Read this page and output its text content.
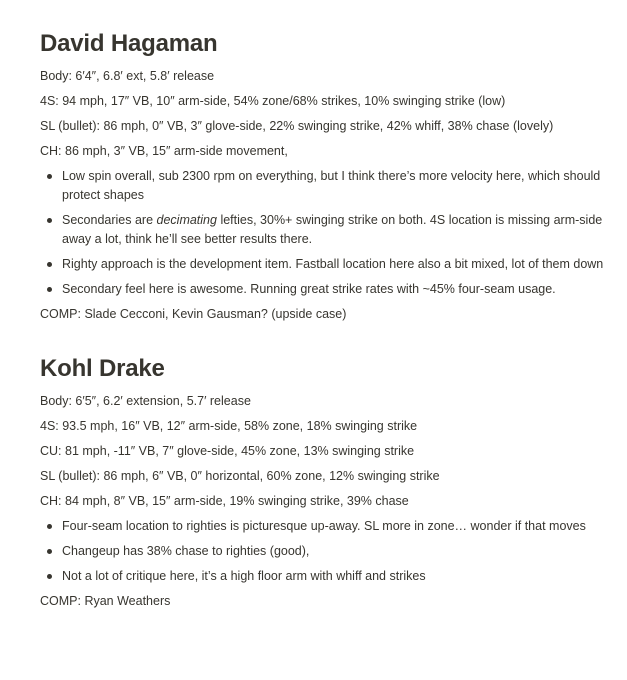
David Hagaman

Body: 6′4″, 6.8′ ext, 5.8′ release

4S: 94 mph, 17″ VB, 10″ arm-side, 54% zone/68% strikes, 10% swinging strike (low)

SL (bullet): 86 mph, 0″ VB, 3″ glove-side, 22% swinging strike, 42% whiff, 38% chase (lovely)

CH: 86 mph, 3″ VB, 15″ arm-side movement,

Low spin overall, sub 2300 rpm on everything, but I think there’s more velocity here, which should protect shapes
Secondaries are decimating lefties, 30%+ swinging strike on both. 4S location is missing arm-side away a lot, think he’ll see better results there.
Righty approach is the development item. Fastball location here also a bit mixed, lot of them down
Secondary feel here is awesome. Running great strike rates with ~45% four-seam usage.

COMP: Slade Cecconi, Kevin Gausman? (upside case)

Kohl Drake

Body: 6′5″, 6.2′ extension, 5.7′ release

4S: 93.5 mph, 16″ VB, 12″ arm-side, 58% zone, 18% swinging strike

CU: 81 mph, -11″ VB, 7″ glove-side, 45% zone, 13% swinging strike

SL (bullet): 86 mph, 6″ VB, 0″ horizontal, 60% zone, 12% swinging strike

CH: 84 mph, 8″ VB, 15″ arm-side, 19% swinging strike, 39% chase

Four-seam location to righties is picturesque up-away. SL more in zone… wonder if that moves
Changeup has 38% chase to righties (good),
Not a lot of critique here, it’s a high floor arm with whiff and strikes

COMP: Ryan Weathers
